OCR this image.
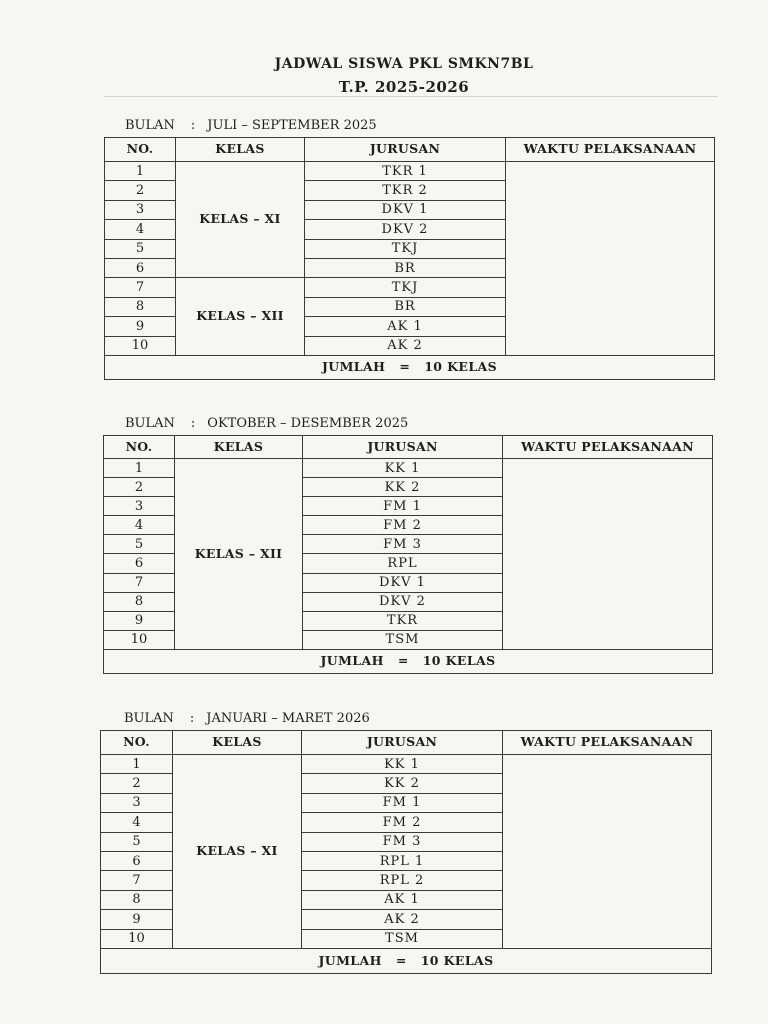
JADWAL SISWA PKL SMKN7BL
T.P. 2025-2026
BULAN : JULI – SEPTEMBER 2025
NO.	KELAS	JURUSAN	WAKTU PELAKSANAAN
1	KELAS – XI	TKR 1	
2		TKR 2	
3		DKV 1	
4		DKV 2	
5		TKJ	
6		BR	
7	KELAS – XII	TKJ	
8		BR	
9		AK 1	
10		AK 2	
JUMLAH = 10 KELAS			
BULAN : OKTOBER – DESEMBER 2025
NO.	KELAS	JURUSAN	WAKTU PELAKSANAAN
1	KELAS – XII	KK 1	
2		KK 2	
3		FM 1	
4		FM 2	
5		FM 3	
6		RPL	
7		DKV 1	
8		DKV 2	
9		TKR	
10		TSM	
JUMLAH = 10 KELAS			
BULAN : JANUARI – MARET 2026
NO.	KELAS	JURUSAN	WAKTU PELAKSANAAN
1	KELAS – XI	KK 1	
2		KK 2	
3		FM 1	
4		FM 2	
5		FM 3	
6		RPL 1	
7		RPL 2	
8		AK 1	
9		AK 2	
10		TSM	
JUMLAH = 10 KELAS			
